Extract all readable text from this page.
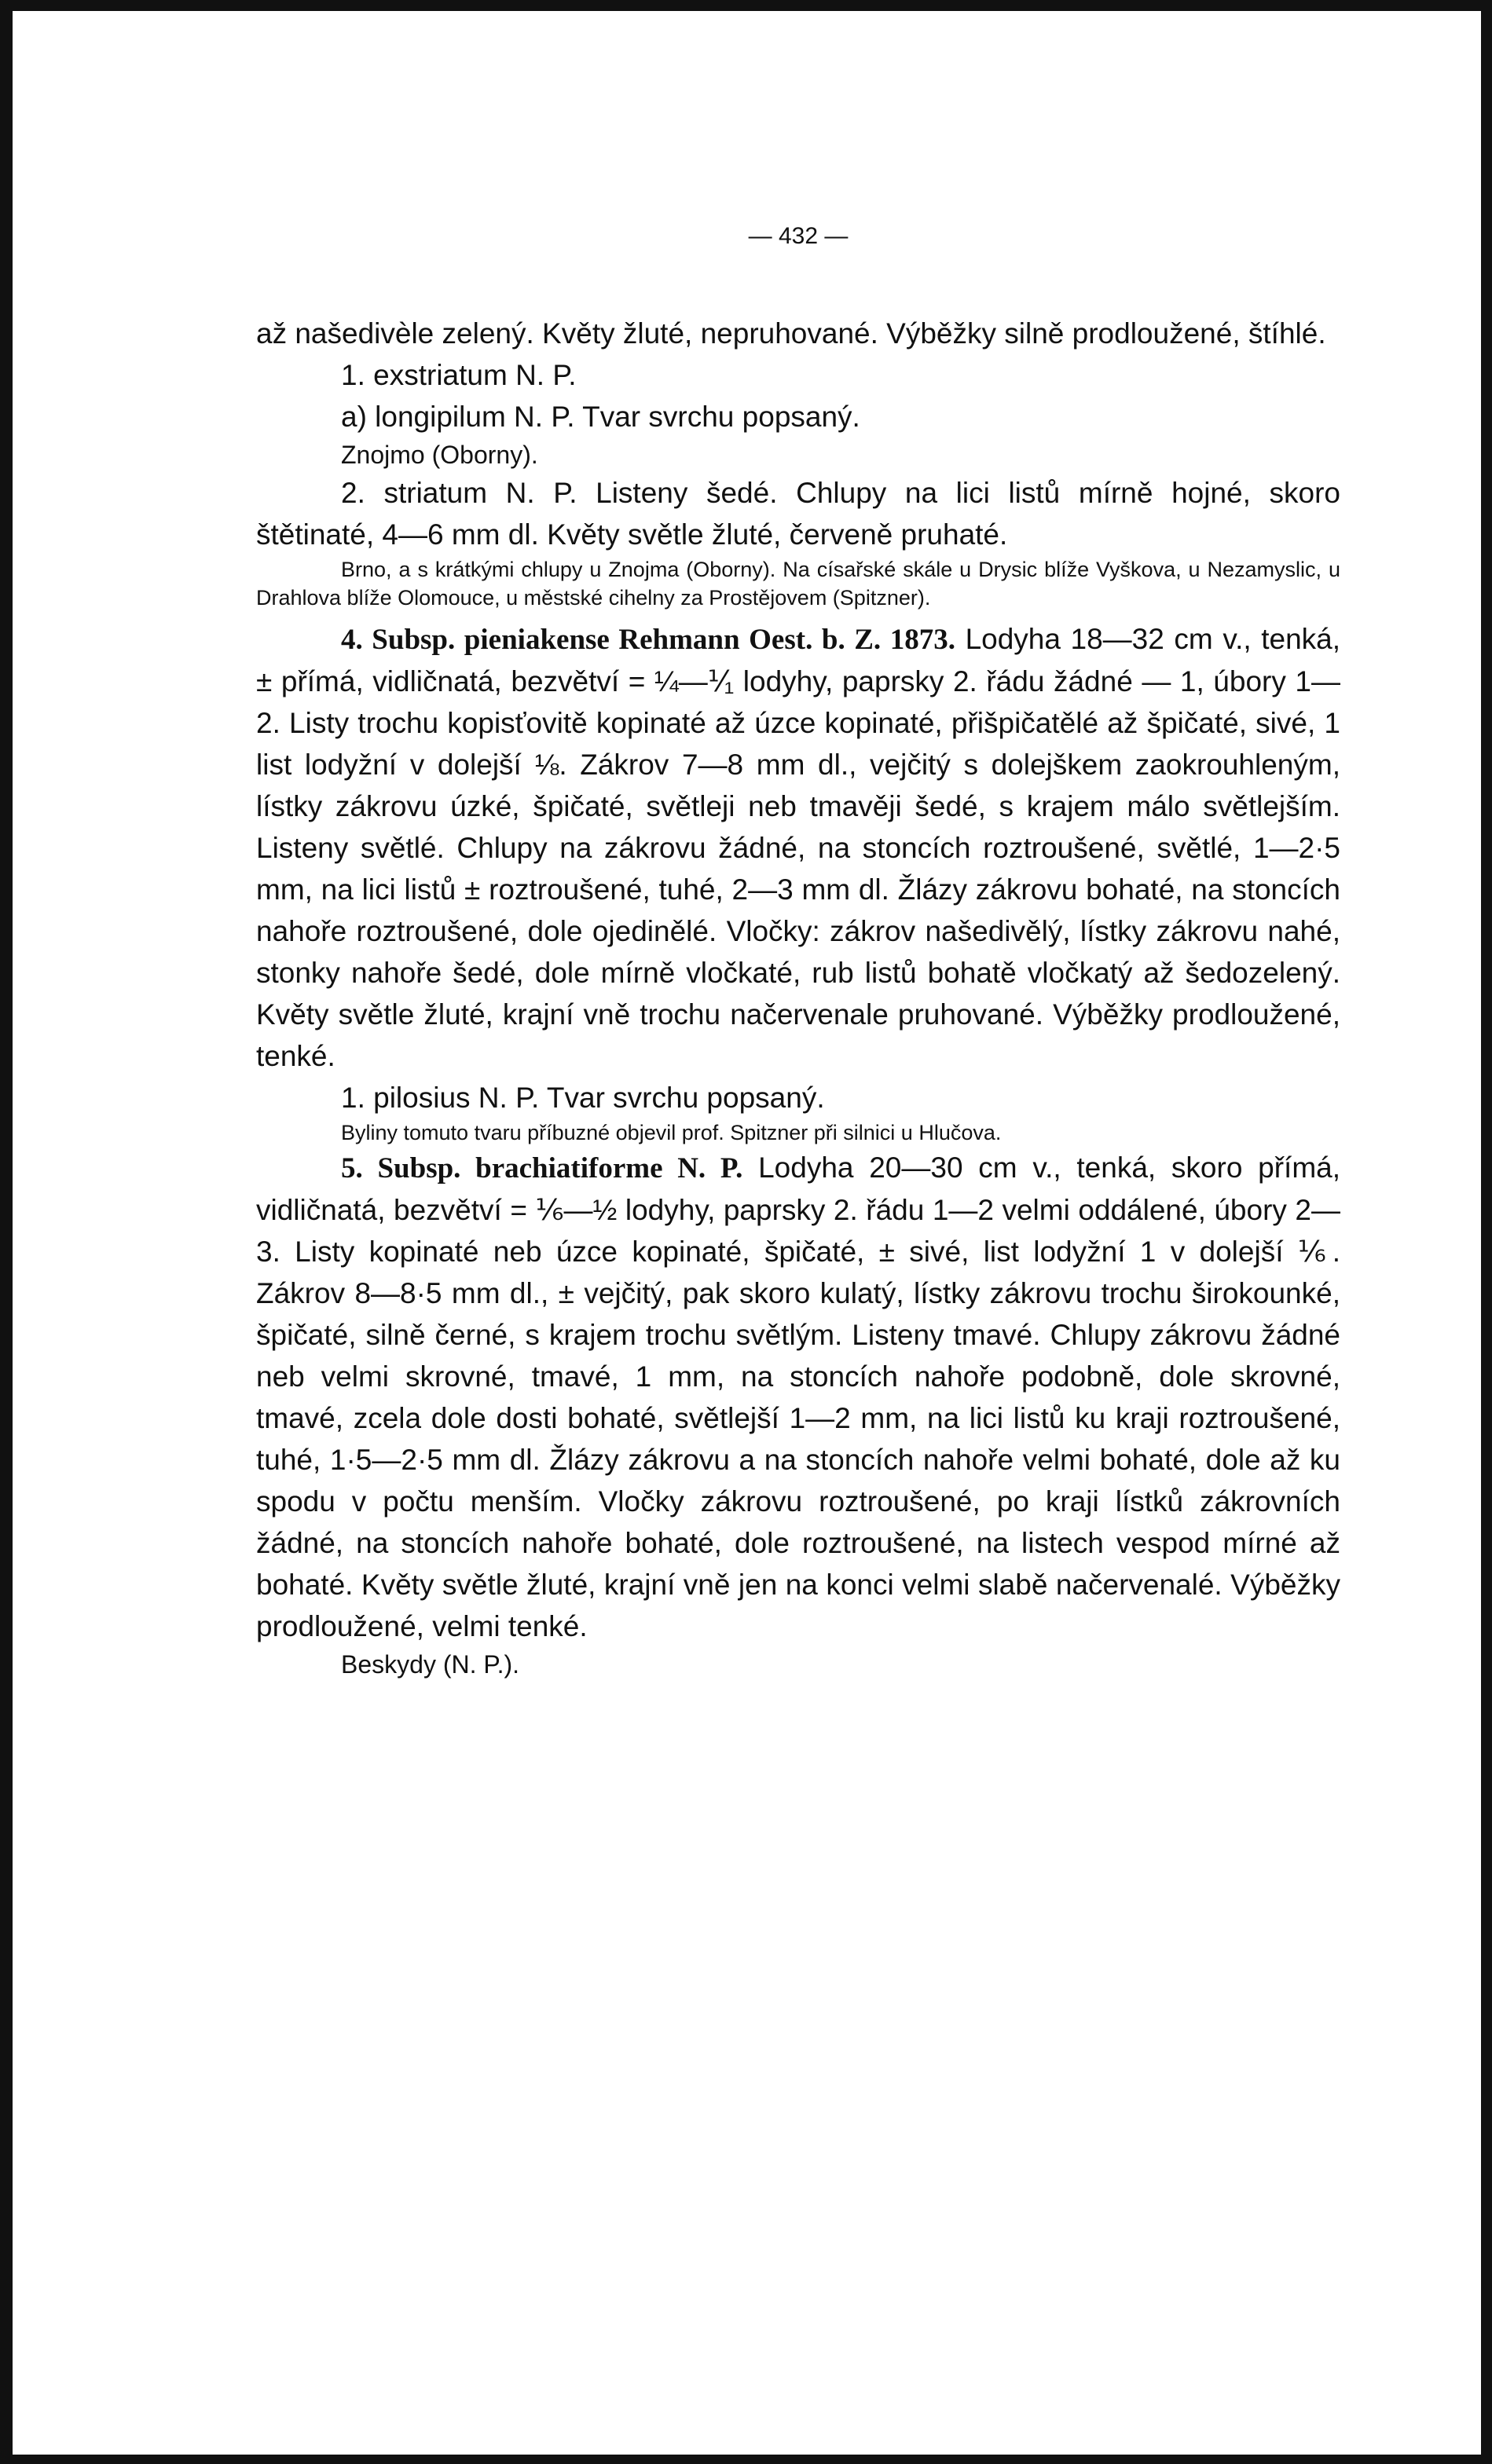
— 432 —

až našedivèle zelený. Květy žluté, nepruhované. Výběžky silně prodloužené, štíhlé.

1. exstriatum N. P.

a) longipilum N. P. Tvar svrchu popsaný.

Znojmo (Oborny).

2. striatum N. P. Listeny šedé. Chlupy na lici listů mírně hojné, skoro štětinaté, 4—6 mm dl. Květy světle žluté, červeně pruhaté.

Brno, a s krátkými chlupy u Znojma (Oborny). Na císařské skále u Drysic blíže Vyškova, u Nezamyslic, u Drahlova blíže Olomouce, u městské cihelny za Prostějovem (Spitzner).

4. Subsp. pieniakense Rehmann Oest. b. Z. 1873. Lodyha 18—32 cm v., tenká, ± přímá, vidličnatá, bezvětví = ¼—⅟₁ lodyhy, paprsky 2. řádu žádné — 1, úbory 1—2. Listy trochu kopisťovitě kopinaté až úzce kopinaté, přišpičatělé až špičaté, sivé, 1 list lodyžní v dolejší ⅛. Zákrov 7—8 mm dl., vejčitý s dolejškem zaokrouhleným, lístky zákrovu úzké, špičaté, světleji neb tmavěji šedé, s krajem málo světlejším. Listeny světlé. Chlupy na zákrovu žádné, na stoncích roztroušené, světlé, 1—2·5 mm, na lici listů ± roztroušené, tuhé, 2—3 mm dl. Žlázy zákrovu bohaté, na stoncích nahoře roztroušené, dole ojedinělé. Vločky: zákrov našedivělý, lístky zákrovu nahé, stonky nahoře šedé, dole mírně vločkaté, rub listů bohatě vločkatý až šedozelený. Květy světle žluté, krajní vně trochu načervenale pruhované. Výběžky prodloužené, tenké.

1. pilosius N. P. Tvar svrchu popsaný.

Byliny tomuto tvaru příbuzné objevil prof. Spitzner při silnici u Hlučova.

5. Subsp. brachiatiforme N. P. Lodyha 20—30 cm v., tenká, skoro přímá, vidličnatá, bezvětví = ⅙—½ lodyhy, paprsky 2. řádu 1—2 velmi oddálené, úbory 2—3. Listy kopinaté neb úzce kopinaté, špičaté, ± sivé, list lodyžní 1 v dolejší ⅙. Zákrov 8—8·5 mm dl., ± vejčitý, pak skoro kulatý, lístky zákrovu trochu širokounké, špičaté, silně černé, s krajem trochu světlým. Listeny tmavé. Chlupy zákrovu žádné neb velmi skrovné, tmavé, 1 mm, na stoncích nahoře podobně, dole skrovné, tmavé, zcela dole dosti bohaté, světlejší 1—2 mm, na lici listů ku kraji roztroušené, tuhé, 1·5—2·5 mm dl. Žlázy zákrovu a na stoncích nahoře velmi bohaté, dole až ku spodu v počtu menším. Vločky zákrovu roztroušené, po kraji lístků zákrovních žádné, na stoncích nahoře bohaté, dole roztroušené, na listech vespod mírné až bohaté. Květy světle žluté, krajní vně jen na konci velmi slabě načervenalé. Výběžky prodloužené, velmi tenké.

Beskydy (N. P.).
